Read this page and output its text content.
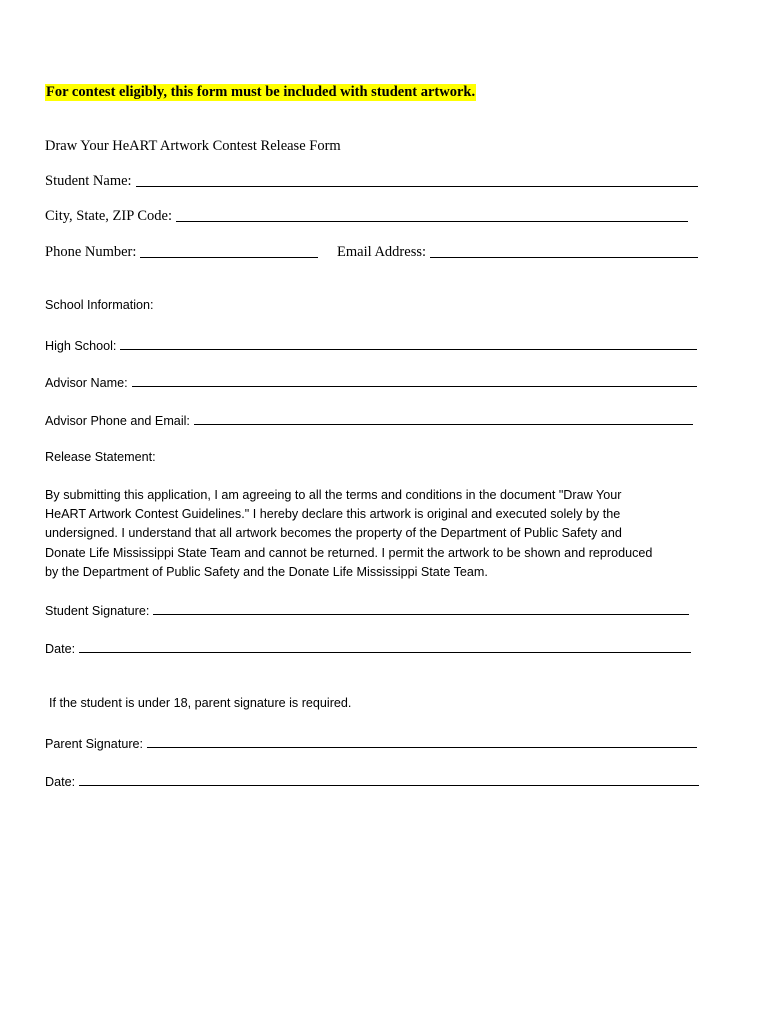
For contest eligibly, this form must be included with student artwork.
Draw Your HeART Artwork Contest Release Form
Student Name:
City, State, ZIP Code:
Phone Number:	Email Address:
School Information:
High School:
Advisor Name:
Advisor Phone and Email:
Release Statement:
By submitting this application, I am agreeing to all the terms and conditions in the document "Draw Your
HeART Artwork Contest Guidelines." I hereby declare this artwork is original and executed solely by the
undersigned. I understand that all artwork becomes the property of the Department of Public Safety and
Donate Life Mississippi State Team and cannot be returned. I permit the artwork to be shown and reproduced
by the Department of Public Safety and the Donate Life Mississippi State Team.
Student Signature:
Date:
If the student is under 18, parent signature is required.
Parent Signature:
Date:
